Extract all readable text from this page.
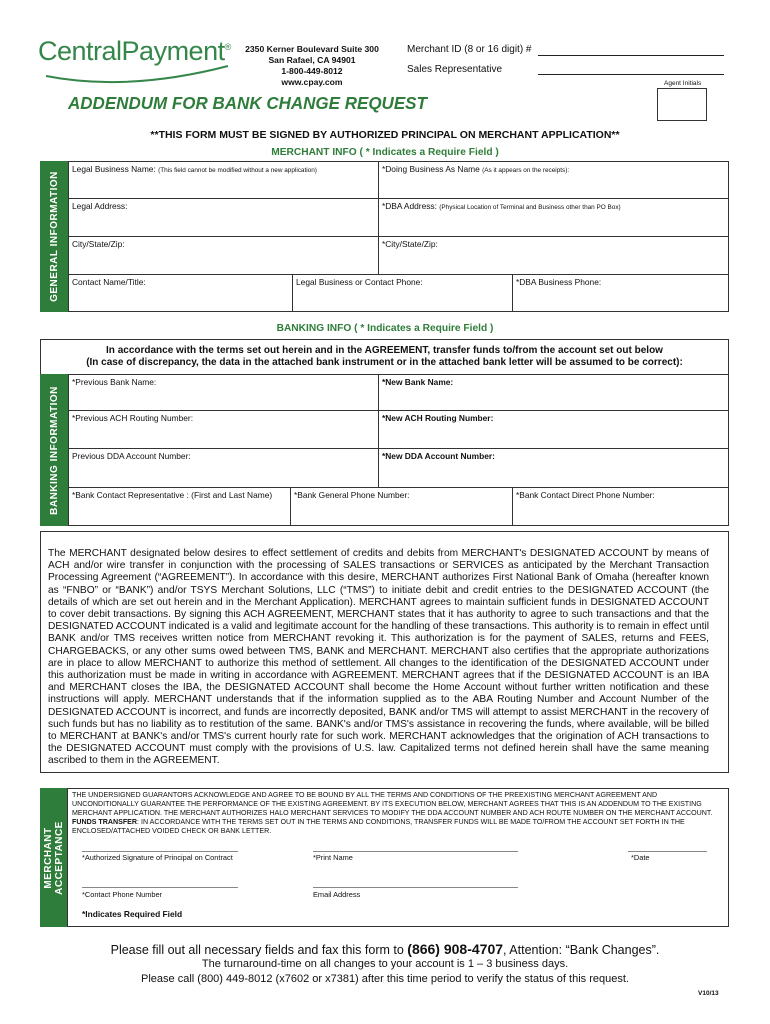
CentralPayment®	2350 Kerner Boulevard Suite 300
San Rafael, CA 94901
1-800-449-8012
www.cpay.com
Merchant ID (8 or 16 digit) #
Sales Representative
Agent Initials
ADDENDUM FOR BANK CHANGE REQUEST
**THIS FORM MUST BE SIGNED BY AUTHORIZED PRINCIPAL ON MERCHANT APPLICATION**
MERCHANT INFO ( * Indicates a Require Field )
GENERAL INFORMATION
Legal Business Name: (This field cannot be modified without a new application)	*Doing Business As Name (As it appears on the receipts):
Legal Address:	*DBA Address: (Physical Location of Terminal and Business other than PO Box)
City/State/Zip:	*City/State/Zip:
Contact Name/Title:	Legal Business or Contact Phone:	*DBA Business Phone:
BANKING INFO ( * Indicates a Require Field )
In accordance with the terms set out herein and in the AGREEMENT, transfer funds to/from the account set out below
(In case of discrepancy, the data in the attached bank instrument or in the attached bank letter will be assumed to be correct):
BANKING INFORMATION
*Previous Bank Name:	*New Bank Name:
*Previous ACH Routing Number:	*New ACH Routing Number:
Previous DDA Account Number:	*New DDA Account Number:
*Bank Contact Representative : (First and Last Name)	*Bank General Phone Number:	*Bank Contact Direct Phone Number:
The MERCHANT designated below desires to effect settlement of credits and debits from MERCHANT's DESIGNATED ACCOUNT by means of ACH and/or wire transfer in conjunction with the processing of SALES transactions or SERVICES as anticipated by the Merchant Transaction Processing Agreement (“AGREEMENT”). In accordance with this desire, MERCHANT authorizes First National Bank of Omaha (hereafter known as “FNBO” or “BANK”) and/or TSYS Merchant Solutions, LLC (“TMS”) to initiate debit and credit entries to the DESIGNATED ACCOUNT (the details of which are set out herein and in the Merchant Application). MERCHANT agrees to maintain sufficient funds in DESIGNATED ACCOUNT to cover debit transactions. By signing this ACH AGREEMENT, MERCHANT states that it has authority to agree to such transactions and that the DESIGNATED ACCOUNT indicated is a valid and legitimate account for the handling of these transactions. This authority is to remain in effect until BANK and/or TMS receives written notice from MERCHANT revoking it. This authorization is for the payment of SALES, returns and FEES, CHARGEBACKS, or any other sums owed between TMS, BANK and MERCHANT. MERCHANT also certifies that the appropriate authorizations are in place to allow MERCHANT to authorize this method of settlement. All changes to the identification of the DESIGNATED ACCOUNT under this authorization must be made in writing in accordance with AGREEMENT. MERCHANT agrees that if the DESIGNATED ACCOUNT is an IBA and MERCHANT closes the IBA, the DESIGNATED ACCOUNT shall become the Home Account without further written notification and these instructions will apply. MERCHANT understands that if the information supplied as to the ABA Routing Number and Account Number of the DESIGNATED ACCOUNT is incorrect, and funds are incorrectly deposited, BANK and/or TMS will attempt to assist MERCHANT in the recovery of such funds but has no liability as to restitution of the same. BANK's and/or TMS's assistance in recovering the funds, where available, will be billed to MERCHANT at BANK's and/or TMS's current hourly rate for such work. MERCHANT acknowledges that the origination of ACH transactions to the DESIGNATED ACCOUNT must comply with the provisions of U.S. law. Capitalized terms not defined herein shall have the same meaning ascribed to them in the AGREEMENT.
MERCHANT ACCEPTANCE
THE UNDERSIGNED GUARANTORS ACKNOWLEDGE AND AGREE TO BE BOUND BY ALL THE TERMS AND CONDITIONS OF THE PREEXISTING MERCHANT AGREEMENT AND UNCONDITIONALLY GUARANTEE THE PERFORMANCE OF THE EXISTING AGREEMENT. BY ITS EXECUTION BELOW, MERCHANT AGREES THAT THIS IS AN ADDENDUM TO THE EXISTING MERCHANT APPLICATION. THE MERCHANT AUTHORIZES HALO MERCHANT SERVICES TO MODIFY THE DDA ACCOUNT NUMBER AND ACH ROUTE NUMBER ON THE MERCHANT ACCOUNT. FUNDS TRANSFER: IN ACCORDANCE WITH THE TERMS SET OUT IN THE TERMS AND CONDITIONS, TRANSFER FUNDS WILL BE MADE TO/FROM THE ACCOUNT SET FORTH IN THE ENCLOSED/ATTACHED VOIDED CHECK OR BANK LETTER.
*Authorized Signature of Principal on Contract	*Print Name	*Date
*Contact Phone Number	Email Address
*Indicates Required Field
Please fill out all necessary fields and fax this form to (866) 908-4707, Attention: “Bank Changes”.
The turnaround-time on all changes to your account is 1 – 3 business days.
Please call (800) 449-8012 (x7602 or x7381) after this time period to verify the status of this request.
V10/13
